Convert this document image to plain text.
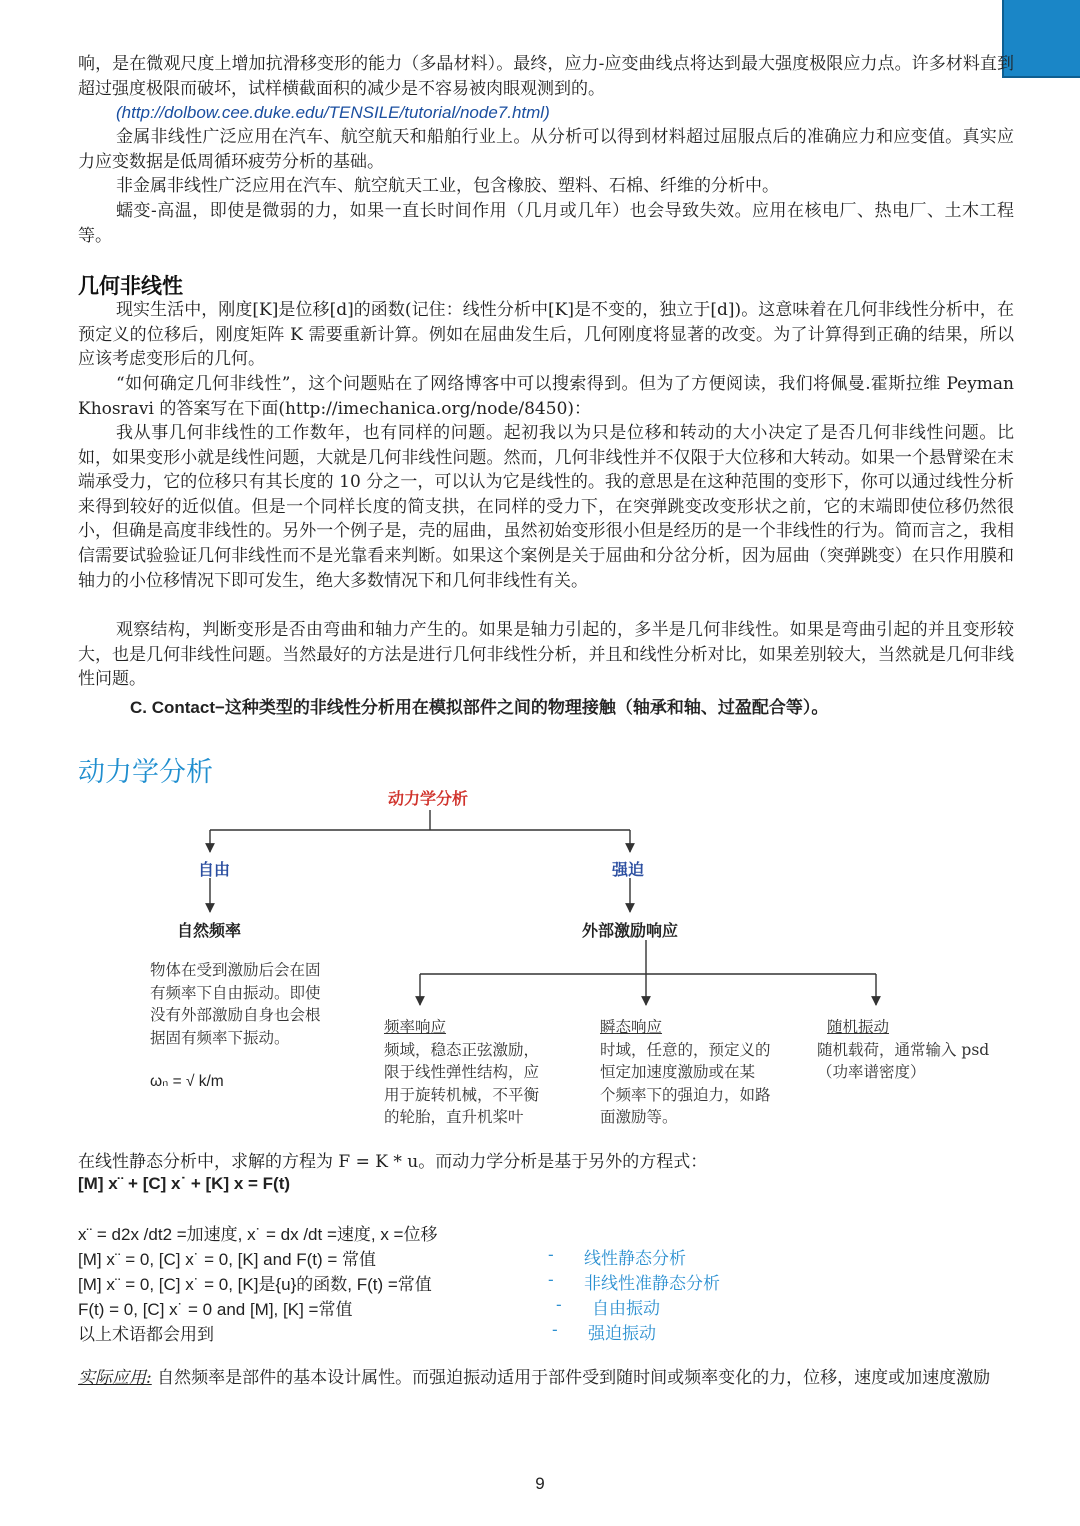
响，是在微观尺度上增加抗滑移变形的能力（多晶材料）。最终，应力-应变曲线点将达到最大强度极限应力点。许多材料直到超过强度极限而破坏，试样横截面积的减少是不容易被肉眼观测到的。

(http://dolbow.cee.duke.edu/TENSILE/tutorial/node7.html)

金属非线性广泛应用在汽车、航空航天和船舶行业上。从分析可以得到材料超过屈服点后的准确应力和应变值。真实应力应变数据是低周循环疲劳分析的基础。

非金属非线性广泛应用在汽车、航空航天工业，包含橡胶、塑料、石棉、纤维的分析中。

蠕变-高温，即使是微弱的力，如果一直长时间作用（几月或几年）也会导致失效。应用在核电厂、热电厂、土木工程等。

几何非线性

现实生活中，刚度[K]是位移[d]的函数(记住：线性分析中[K]是不变的，独立于[d])。这意味着在几何非线性分析中，在预定义的位移后，刚度矩阵 K 需要重新计算。例如在屈曲发生后，几何刚度将显著的改变。为了计算得到正确的结果，所以应该考虑变形后的几何。

“如何确定几何非线性”，这个问题贴在了网络博客中可以搜索得到。但为了方便阅读，我们将佩曼.霍斯拉维 Peyman Khosravi 的答案写在下面(http://imechanica.org/node/8450)：

我从事几何非线性的工作数年，也有同样的问题。起初我以为只是位移和转动的大小决定了是否几何非线性问题。比如，如果变形小就是线性问题，大就是几何非线性问题。然而，几何非线性并不仅限于大位移和大转动。如果一个悬臂梁在末端承受力，它的位移只有其长度的 10 分之一，可以认为它是线性的。我的意思是在这种范围的变形下，你可以通过线性分析来得到较好的近似值。但是一个同样长度的简支拱，在同样的受力下，在突弹跳变改变形状之前，它的末端即使位移仍然很小，但确是高度非线性的。另外一个例子是，壳的屈曲，虽然初始变形很小但是经历的是一个非线性的行为。简而言之，我相信需要试验验证几何非线性而不是光靠看来判断。如果这个案例是关于屈曲和分岔分析，因为屈曲（突弹跳变）在只作用膜和轴力的小位移情况下即可发生，绝大多数情况下和几何非线性有关。

观察结构，判断变形是否由弯曲和轴力产生的。如果是轴力引起的，多半是几何非线性。如果是弯曲引起的并且变形较大，也是几何非线性问题。当然最好的方法是进行几何非线性分析，并且和线性分析对比，如果差别较大，当然就是几何非线性问题。

C. Contact−这种类型的非线性分析用在模拟部件之间的物理接触（轴承和轴、过盈配合等）。
动力学分析
动力学分析
自由	强迫
自然频率	外部激励响应
物体在受到激励后会在固
有频率下自由振动。即使
没有外部激励自身也会根
据固有频率下振动。
ωₙ = √ k/m
频率响应
频域，稳态正弦激励，
限于线性弹性结构，应
用于旋转机械，不平衡
的轮胎，直升机桨叶
瞬态响应
时域，任意的，预定义的
恒定加速度激励或在某
个频率下的强迫力，如路
面激励等。
随机振动
随机载荷，通常输入 psd
（功率谱密度）
在线性静态分析中，求解的方程为 F = K * u。而动力学分析是基于另外的方程式：
[M] x¨ + [C] x˙ + [K] x = F(t)
x¨ = d2x /dt2 =加速度, x˙ = dx /dt =速度, x =位移
[M] x¨ = 0, [C] x˙ = 0, [K] and F(t) = 常值	- 线性静态分析
[M] x¨ = 0, [C] x˙ = 0, [K]是{u}的函数, F(t) =常值	- 非线性准静态分析
F(t) = 0, [C] x˙ = 0 and [M], [K] =常值	- 自由振动
以上术语都会用到	- 强迫振动

实际应用: 自然频率是部件的基本设计属性。而强迫振动适用于部件受到随时间或频率变化的力，位移，速度或加速度激励

9
